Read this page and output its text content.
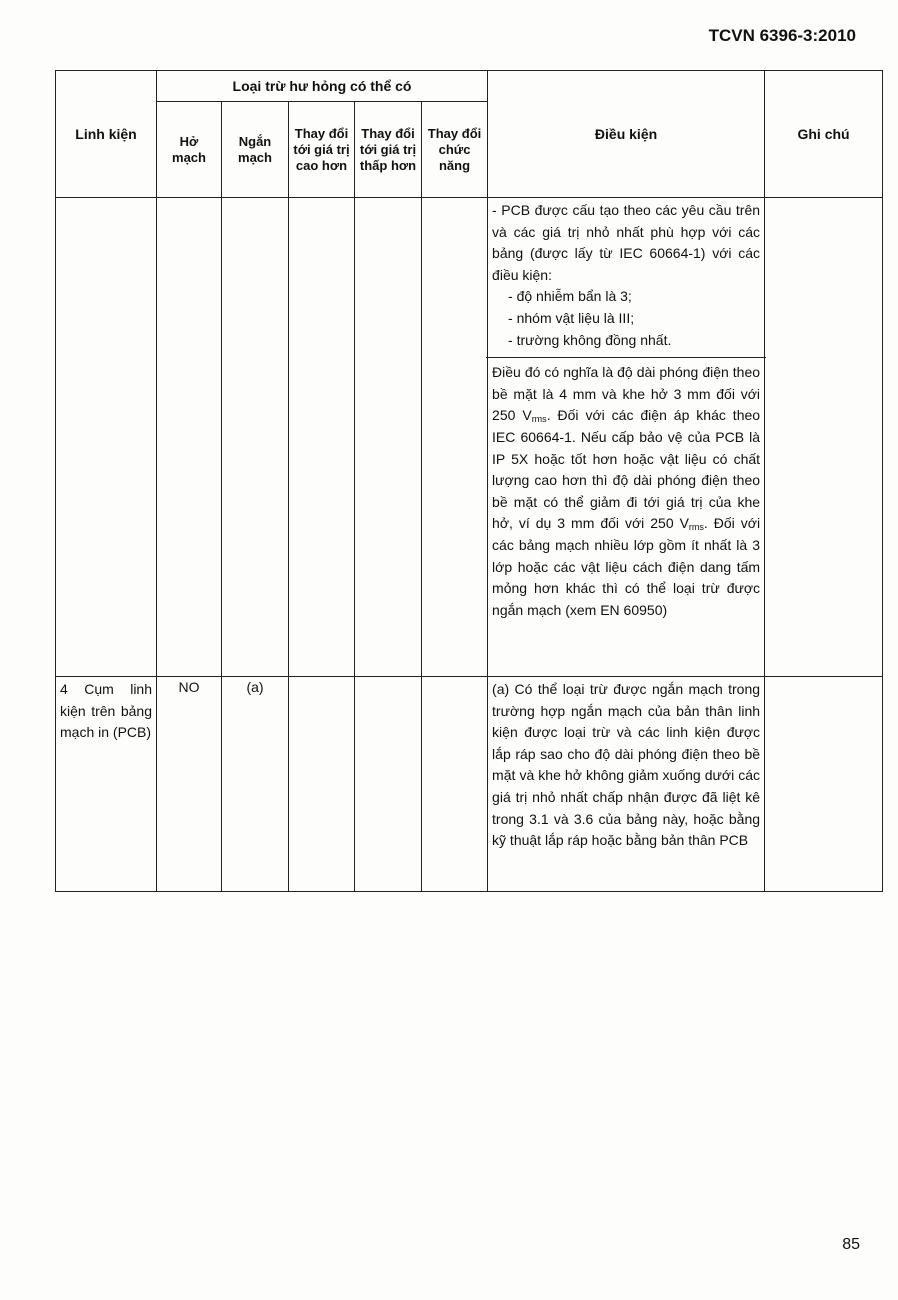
TCVN 6396-3:2010
Linh kiện	Loại trừ hư hỏng có thể có					Điều kiện	Ghi chú
	Hở mạch	Ngắn mạch	Thay đổi tới giá trị cao hơn	Thay đổi tới giá trị thấp hơn	Thay đổi chức năng		

						- PCB được cấu tạo theo các yêu cầu trên và các giá trị nhỏ nhất phù hợp với các bảng (được lấy từ IEC 60664-1) với các điều kiện:

- độ nhiễm bẩn là 3;

- nhóm vật liệu là III;

- trường không đồng nhất.

Điều đó có nghĩa là độ dài phóng điện theo bề mặt là 4 mm và khe hở 3 mm đối với 250 $V_{rms}$. Đối với các điện áp khác theo IEC 60664-1. Nếu cấp bảo vệ của PCB là IP 5X hoặc tốt hơn hoặc vật liệu có chất lượng cao hơn thì độ dài phóng điện theo bề mặt có thể giảm đi tới giá trị của khe hở, ví dụ 3 mm đối với 250 $V_{rms}$. Đối với các bảng mạch nhiều lớp gồm ít nhất là 3 lớp hoặc các vật liệu cách điện dang tấm mỏng hơn khác thì có thể loại trừ được ngắn mạch (xem EN 60950)	

4 Cụm linh kiện trên bảng mạch in (PCB)	NO	(a)				(a) Có thể loại trừ được ngắn mạch trong trường hợp ngắn mạch của bản thân linh kiện được loại trừ và các linh kiện được lắp ráp sao cho độ dài phóng điện theo bề mặt và khe hở không giảm xuống dưới các giá trị nhỏ nhất chấp nhận được đã liệt kê trong 3.1 và 3.6 của bảng này, hoặc bằng kỹ thuật lắp ráp hoặc bằng bản thân PCB	
85
